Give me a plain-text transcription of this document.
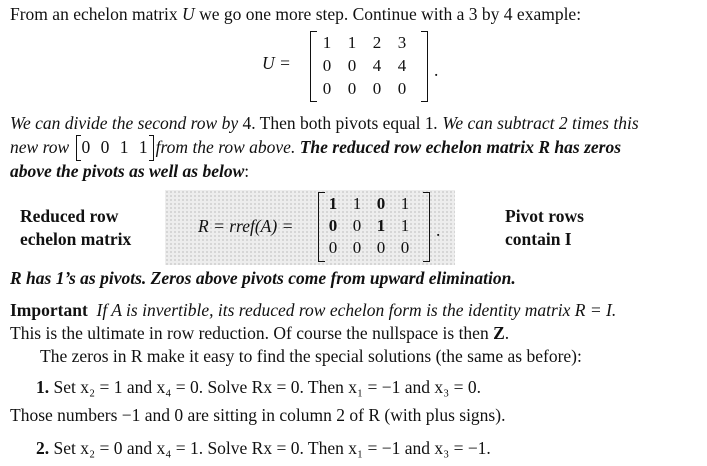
From an echelon matrix U we go one more step. Continue with a 3 by 4 example:
U =
1 1 2 3
0 0 4 4
0 0 0 0
.
We can divide the second row by 4. Then both pivots equal 1. We can subtract 2 times this
new row 0 0 1 1 from the row above. The reduced row echelon matrix R has zeros
above the pivots as well as below:
Reduced row
echelon matrix
R = rref(A) =
1 1 0 1
0 0 1 1
0 0 0 0
.
Pivot rows
contain I
R has 1’s as pivots. Zeros above pivots come from upward elimination.
Important If A is invertible, its reduced row echelon form is the identity matrix R = I.
This is the ultimate in row reduction. Of course the nullspace is then Z.
The zeros in R make it easy to find the special solutions (the same as before):
1. Set x₂ = 1 and x₄ = 0. Solve Rx = 0. Then x₁ = −1 and x₃ = 0.
Those numbers −1 and 0 are sitting in column 2 of R (with plus signs).
2. Set x₂ = 0 and x₄ = 1. Solve Rx = 0. Then x₁ = −1 and x₃ = −1.
